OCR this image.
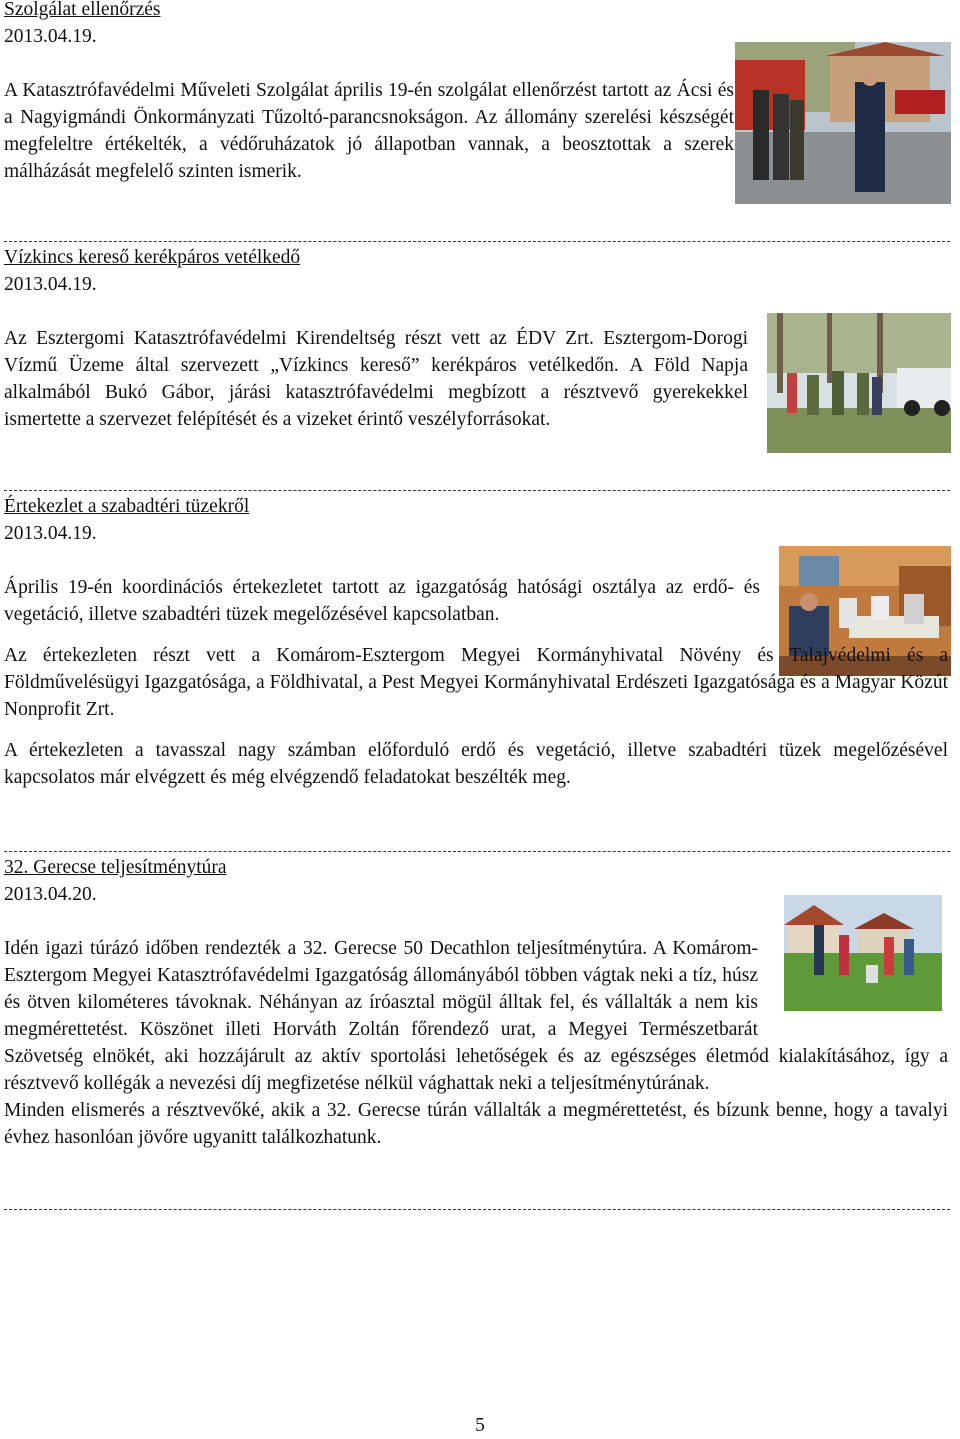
Szolgálat ellenőrzés

2013.04.19.

A Katasztrófavédelmi Műveleti Szolgálat április 19-én szolgálat ellenőrzést tartott az Ácsi és a Nagyigmándi Önkormányzati Tűzoltó-parancsnokságon. Az állomány szerelési készségét megfeleltre értékelték, a védőruházatok jó állapotban vannak, a beosztottak a szerek málházását megfelelő szinten ismerik.

Vízkincs kereső kerékpáros vetélkedő

2013.04.19.

Az Esztergomi Katasztrófavédelmi Kirendeltség részt vett az ÉDV Zrt. Esztergom-Dorogi Vízmű Üzeme által szervezett „Vízkincs kereső” kerékpáros vetélkedőn. A Föld Napja alkalmából Bukó Gábor, járási katasztrófavédelmi megbízott a résztvevő gyerekekkel ismertette a szervezet felépítését és a vizeket érintő veszélyforrásokat.

Értekezlet a szabadtéri tüzekről

2013.04.19.

Április 19-én koordinációs értekezletet tartott az igazgatóság hatósági osztálya az erdő- és vegetáció, illetve szabadtéri tüzek megelőzésével kapcsolatban.

Az értekezleten részt vett a Komárom-Esztergom Megyei Kormányhivatal Növény és Talajvédelmi és a Földművelésügyi Igazgatósága, a Földhivatal, a Pest Megyei Kormányhivatal Erdészeti Igazgatósága és a Magyar Közút Nonprofit Zrt.

A értekezleten a tavasszal nagy számban előforduló erdő és vegetáció, illetve szabadtéri tüzek megelőzésével kapcsolatos már elvégzett és még elvégzendő feladatokat beszélték meg.

32. Gerecse teljesítménytúra

2013.04.20.

Idén igazi túrázó időben rendezték a 32. Gerecse 50 Decathlon teljesítménytúra. A Komárom-Esztergom Megyei Katasztrófavédelmi Igazgatóság állományából többen vágtak neki a tíz, húsz és ötven kilométeres távoknak. Néhányan az íróasztal mögül álltak fel, és vállalták a nem kis megmérettetést. Köszönet illeti Horváth Zoltán főrendező urat, a Megyei Természetbarát Szövetség elnökét, aki hozzájárult az aktív sportolási lehetőségek és az egészséges életmód kialakításához, így a résztvevő kollégák a nevezési díj megfizetése nélkül vághattak neki a teljesítménytúrának.

Minden elismerés a résztvevőké, akik a 32. Gerecse túrán vállalták a megmérettetést, és bízunk benne, hogy a tavalyi évhez hasonlóan jövőre ugyanitt találkozhatunk.

5
